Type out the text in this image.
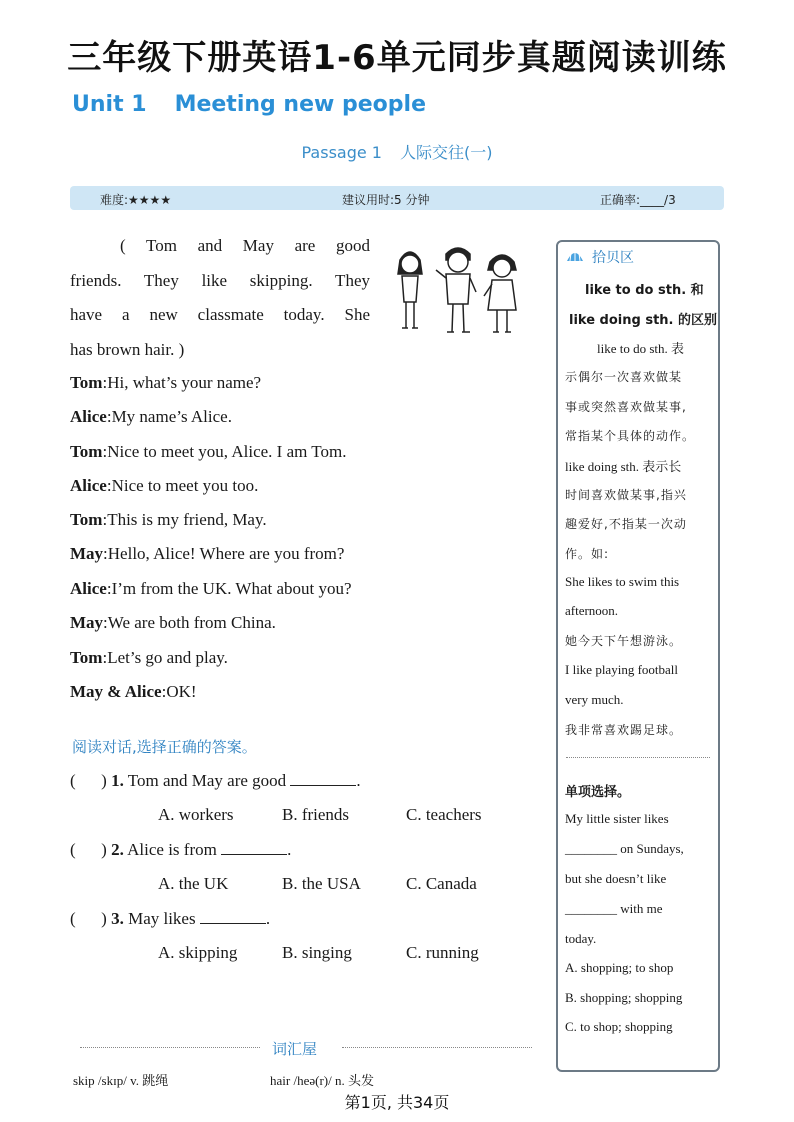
三年级下册英语1-6单元同步真题阅读训练
Unit 1 Meeting new people
Passage 1 人际交往(一)
难度:★★★★	建议用时:5 分钟	正确率:____/3
( Tom and May are good
friends. They like skipping. They
have a new classmate today. She
has brown hair. )
Tom:Hi, what’s your name?
Alice:My name’s Alice.
Tom:Nice to meet you, Alice. I am Tom.
Alice:Nice to meet you too.
Tom:This is my friend, May.
May:Hello, Alice! Where are you from?
Alice:I’m from the UK. What about you?
May:We are both from China.
Tom:Let’s go and play.
May & Alice:OK!
阅读对话,选择正确的答案。
(      ) 1. Tom and May are good	.
A. workers	B. friends	C. teachers
(      ) 2. Alice is from	.
A. the UK	B. the USA	C. Canada
(      ) 3. May likes	.
A. skipping	B. singing	C. running
拾贝区
like to do sth. 和
like doing sth. 的区别
like to do sth. 表
示偶尔一次喜欢做某
事或突然喜欢做某事,
常指某个具体的动作。
like doing sth. 表示长
时间喜欢做某事,指兴
趣爱好,不指某一次动
作。如:
She likes to swim this
afternoon.
她今天下午想游泳。
I like playing football
very much.
我非常喜欢踢足球。
单项选择。
My little sister likes
________ on Sundays,
but she doesn’t like
________ with me
today.
A. shopping; to shop
B. shopping; shopping
C. to shop; shopping
词汇屋
skip /skɪp/ v. 跳绳	hair /heə(r)/ n. 头发
第1页, 共34页
